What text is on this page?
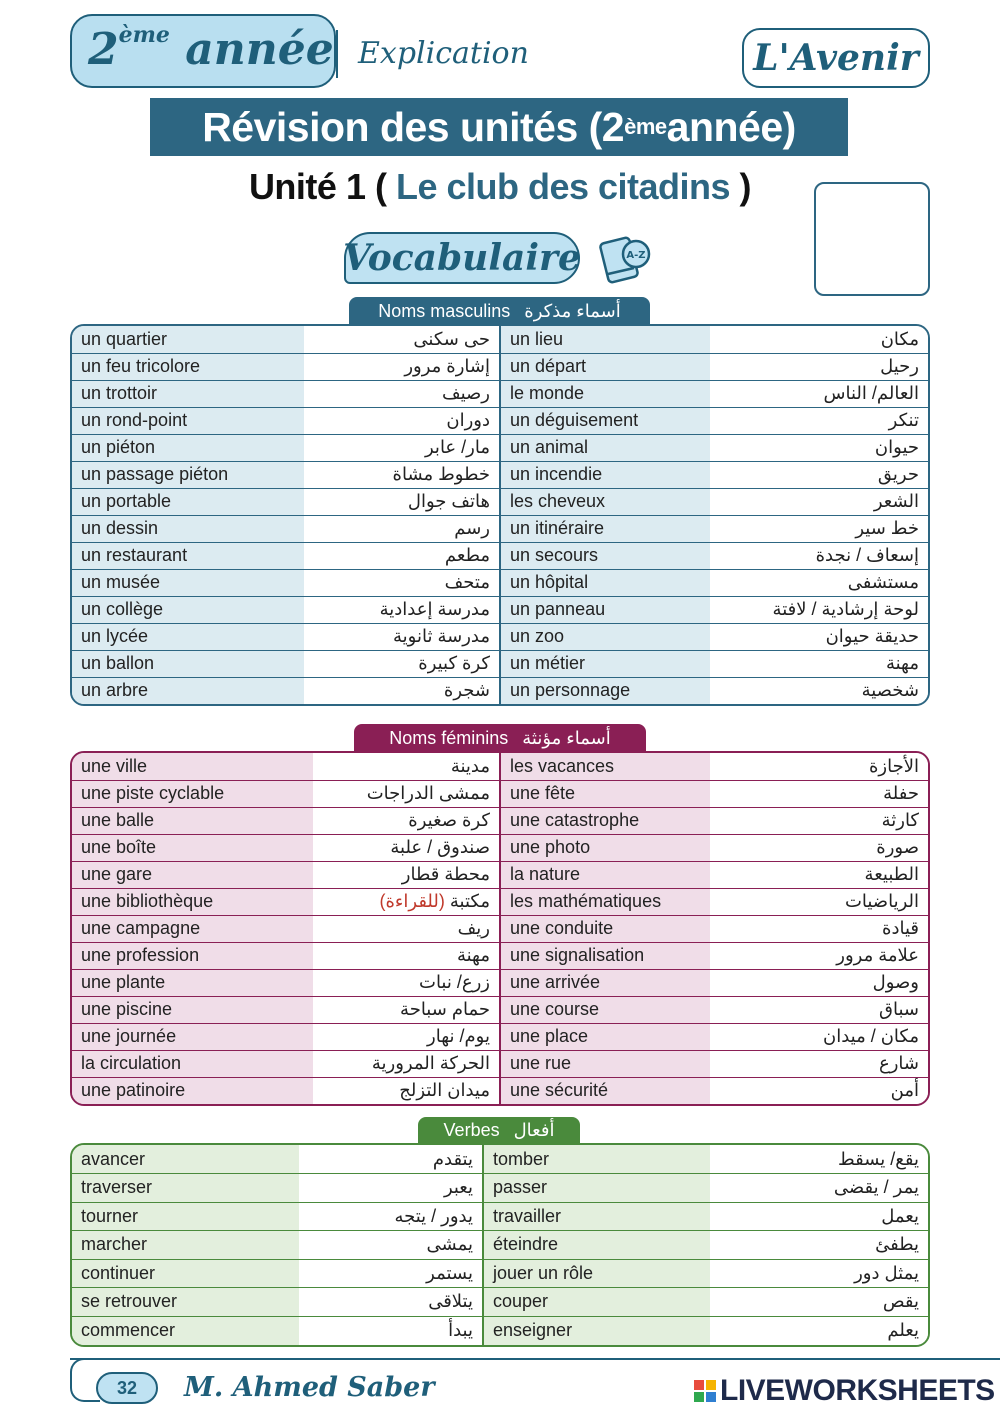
2ème année Explication	L'Avenir
Révision des unités (2 ème année)
Unité 1 ( Le club des citadins )
Vocabulaire	A-Z
Noms masculins أسماء مذكرة
un quartier	حى سكنى	un lieu	مكان
un feu tricolore	إشارة مرور	un départ	رحيل
un trottoir	رصيف	le monde	العالم/ الناس
un rond-point	دوران	un déguisement	تنكر
un piéton	مار/ عابر	un animal	حيوان
un passage piéton	خطوط مشاة	un incendie	حريق
un portable	هاتف جوال	les cheveux	الشعر
un dessin	رسم	un itinéraire	خط سير
un restaurant	مطعم	un secours	إسعاف / نجدة
un musée	متحف	un hôpital	مستشفى
un collège	مدرسة إعدادية	un panneau	لوحة إرشادية / لافتة
un lycée	مدرسة ثانوية	un zoo	حديقة حيوان
un ballon	كرة كبيرة	un métier	مهنة
un arbre	شجرة	un personnage	شخصية
Noms féminins أسماء مؤنثة
une ville	مدينة	les vacances	الأجازة
une piste cyclable	ممشى الدراجات	une fête	حفلة
une balle	كرة صغيرة	une catastrophe	كارثة
une boîte	صندوق / علبة	une photo	صورة
une gare	محطة قطار	la nature	الطبيعة
une bibliothèque	مكتبة (للقراءة)	les mathématiques	الرياضيات
une campagne	ريف	une conduite	قيادة
une profession	مهنة	une signalisation	علامة مرور
une plante	زرع/ نبات	une arrivée	وصول
une piscine	حمام سباحة	une course	سباق
une journée	يوم/ نهار	une place	مكان / ميدان
la circulation	الحركة المرورية	une rue	شارع
une patinoire	ميدان التزلج	une sécurité	أمن
Verbes أفعال
avancer	يتقدم	tomber	يقع/ يسقط
traverser	يعبر	passer	يمر / يقضى
tourner	يدور / يتجه	travailler	يعمل
marcher	يمشى	éteindre	يطفئ
continuer	يستمر	jouer un rôle	يمثل دور
se retrouver	يتلاقى	couper	يقص
commencer	يبدأ	enseigner	يعلم
32	M. Ahmed Saber	LIVEWORKSHEETS
